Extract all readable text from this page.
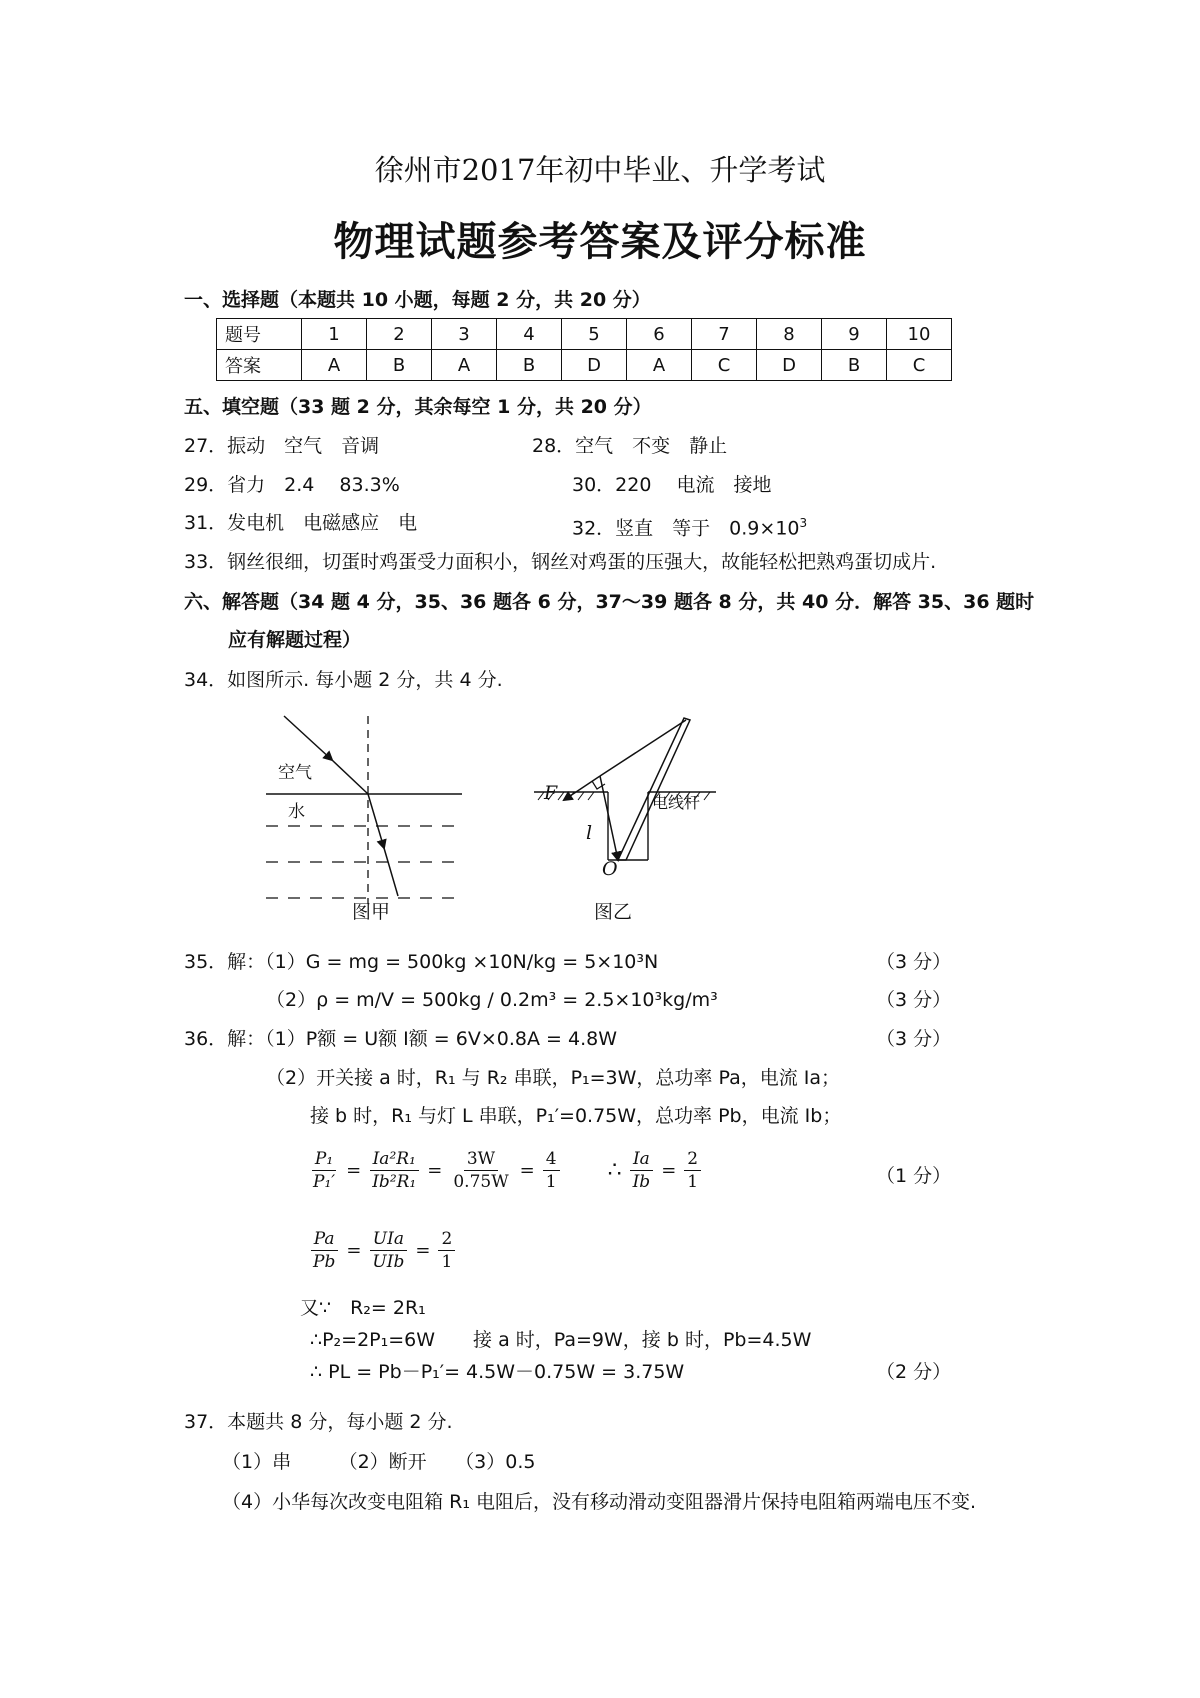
徐州市2017年初中毕业、升学考试
物理试题参考答案及评分标准
一、选择题（本题共 10 小题，每题 2 分，共 20 分）
题号	1	2	3	4	5	6	7	8	9	10
答案	A	B	A	B	D	A	C	D	B	C
五、填空题（33 题 2 分，其余每空 1 分，共 20 分）
27．振动　空气　音调	28．空气　不变　静止
29．省力　2.4　 83.3%	30．220　 电流　接地
31．发电机　电磁感应　电	32．竖直　等于　$0.9\times 10^3$
33．钢丝很细，切蛋时鸡蛋受力面积小，钢丝对鸡蛋的压强大，故能轻松把熟鸡蛋切成片.
六、解答题（34 题 4 分，35、36 题各 6 分，37～39 题各 8 分，共 40 分．解答 35、36 题时
应有解题过程）
34．如图所示. 每小题 2 分，共 4 分.
空气
水
图甲
F
l
O
电线杆
图乙
35．解：（1）G = mg = 500kg ×10N/kg = 5×10³N	（3 分）
（2）ρ = m/V = 500kg / 0.2m³ = 2.5×10³kg/m³	（3 分）
36．解：（1）P额 = U额 I额 = 6V×0.8A = 4.8W	（3 分）
（2）开关接 a 时，R₁ 与 R₂ 串联，P₁=3W，总功率 Pa，电流 Ia；
接 b 时，R₁ 与灯 L 串联，P₁′=0.75W，总功率 Pb，电流 Ib；
$\frac{\text{P₁}}{\text{P₁′}} = \frac{\text{Ia²R₁}}{\text{Ib²R₁}} = \frac{3W}{0.75W} = \frac{4}{1}$ ∴ $\frac{Ia}{Ib} = \frac{2}{1}$	（1 分）
$\frac{Pa}{Pb} = \frac{\text{UIa}}{\text{UIb}} = \frac{2}{1}$
又∵　R₂= 2R₁
∴P₂=2P₁=6W　　接 a 时，Pa=9W，接 b 时，Pb=4.5W
∴ PL = Pb－P₁′= 4.5W－0.75W = 3.75W	（2 分）
37．本题共 8 分，每小题 2 分.
（1）串　　　（2）断开　　（3）0.5
（4）小华每次改变电阻箱 R₁ 电阻后，没有移动滑动变阻器滑片保持电阻箱两端电压不变.
